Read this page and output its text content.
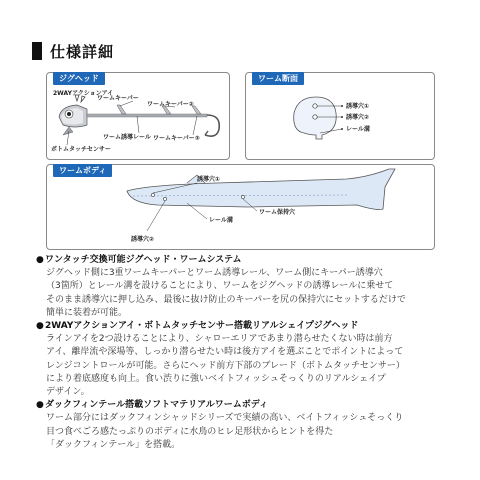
仕様詳細
ジグヘッド
2WAYアクションアイ
ワームキーパー
ワームキーパー②
ワーム誘導レール ワームキーパー③
ボトムタッチセンサー
ワーム断面
誘導穴①
誘導穴②
レール溝
ワームボディ
誘導穴①
レール溝
ワーム保持穴
誘導穴②
●ワンタッチ交換可能ジグヘッド・ワームシステム
ジグヘッド側に3重ワームキーパーとワーム誘導レール、ワーム側にキーパー誘導穴
（3箇所）とレール溝を設けることにより、ワームをジグヘッドの誘導レールに乗せて
そのまま誘導穴に押し込み、最後に抜け防止のキーパーを尻の保持穴にセットするだけで
簡単に装着が可能。
●2WAYアクションアイ・ボトムタッチセンサー搭載リアルシェイプジグヘッド
ラインアイを2つ設けることにより、シャローエリアであまり潜らせたくない時は前方
アイ、離岸流や深場等、しっかり潜らせたい時は後方アイを選ぶことでポイントによって
レンジコントロールが可能。さらにヘッド前方下部のブレード（ボトムタッチセンサー）
により着底感度も向上。食い渋りに強いベイトフィッシュそっくりのリアルシェイプ
デザイン。
●ダックフィンテール搭載ソフトマテリアルワームボディ
ワーム部分にはダックフィンシャッドシリーズで実績の高い、ベイトフィッシュそっくり
目つ食べごろ感たっぷりのボディに水鳥のヒレ足形状からヒントを得た
「ダックフィンテール」を搭載。
